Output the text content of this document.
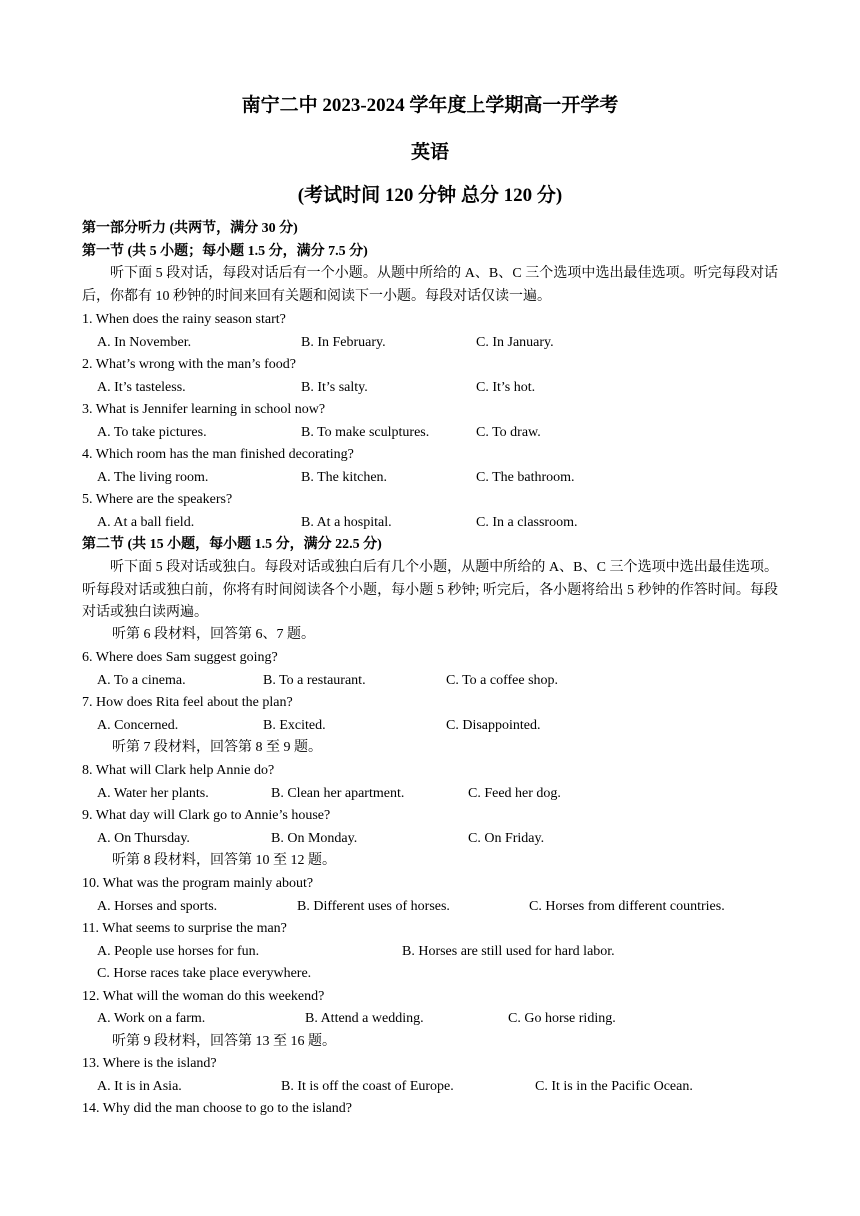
南宁二中 2023-2024 学年度上学期高一开学考
英语
(考试时间 120 分钟 总分 120 分)
第一部分听力 (共两节，满分 30 分)
第一节 (共 5 小题；每小题 1.5 分，满分 7.5 分)
听下面 5 段对话，每段对话后有一个小题。从题中所给的 A、B、C 三个选项中选出最佳选项。听完每段对话后，你都有 10 秒钟的时间来回有关题和阅读下一小题。每段对话仅读一遍。
1. When does the rainy season start?
A. In November.	B. In February.	C. In January.
2. What’s wrong with the man’s food?
A. It’s tasteless.	B. It’s salty.	C. It’s hot.
3. What is Jennifer learning in school now?
A. To take pictures.	B. To make sculptures.	C. To draw.
4. Which room has the man finished decorating?
A. The living room.	B. The kitchen.	C. The bathroom.
5. Where are the speakers?
A. At a ball field.	B. At a hospital.	C. In a classroom.
第二节 (共 15 小题，每小题 1.5 分，满分 22.5 分)
听下面 5 段对话或独白。每段对话或独白后有几个小题，从题中所给的 A、B、C 三个选项中选出最佳选项。听每段对话或独白前，你将有时间阅读各个小题，每小题 5 秒钟; 听完后，各小题将给出 5 秒钟的作答时间。每段对话或独白读两遍。
听第 6 段材料，回答第 6、7 题。
6. Where does Sam suggest going?
A. To a cinema.	B. To a restaurant.	C. To a coffee shop.
7. How does Rita feel about the plan?
A. Concerned.	B. Excited.	C. Disappointed.
听第 7 段材料，回答第 8 至 9 题。
8. What will Clark help Annie do?
A. Water her plants.	B. Clean her apartment.	C. Feed her dog.
9. What day will Clark go to Annie’s house?
A. On Thursday.	B. On Monday.	C. On Friday.
听第 8 段材料，回答第 10 至 12 题。
10. What was the program mainly about?
A. Horses and sports.	B. Different uses of horses.	C. Horses from different countries.
11. What seems to surprise the man?
A. People use horses for fun.	B. Horses are still used for hard labor.
C. Horse races take place everywhere.
12. What will the woman do this weekend?
A. Work on a farm.	B. Attend a wedding.	C. Go horse riding.
听第 9 段材料，回答第 13 至 16 题。
13. Where is the island?
A. It is in Asia.	B. It is off the coast of Europe.	C. It is in the Pacific Ocean.
14. Why did the man choose to go to the island?
